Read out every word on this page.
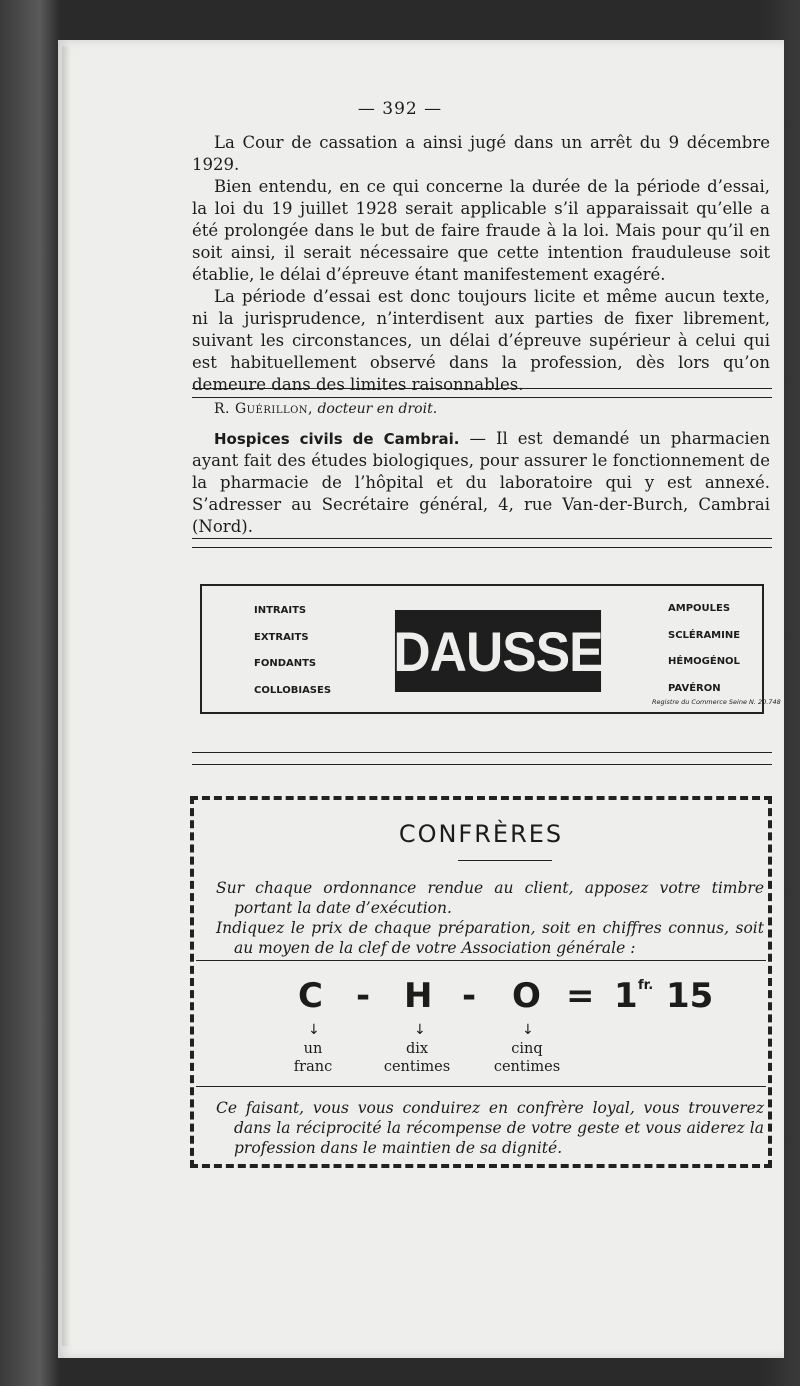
— 392 —

La Cour de cassation a ainsi jugé dans un arrêt du 9 décembre 1929.

Bien entendu, en ce qui concerne la durée de la période d’essai, la loi du 19 juillet 1928 serait applicable s’il apparaissait qu’elle a été prolongée dans le but de faire fraude à la loi. Mais pour qu’il en soit ainsi, il serait nécessaire que cette intention frauduleuse soit établie, le délai d’épreuve étant manifestement exagéré.

La période d’essai est donc toujours licite et même aucun texte, ni la jurisprudence, n’interdisent aux parties de fixer librement, suivant les circonstances, un délai d’épreuve supérieur à celui qui est habituellement observé dans la profession, dès lors qu’on demeure dans des limites raisonnables.

R. Guérillon, docteur en droit.

Hospices civils de Cambrai. — Il est demandé un pharmacien ayant fait des études biologiques, pour assurer le fonctionnement de la pharmacie de l’hôpital et du laboratoire qui y est annexé. S’adresser au Secrétaire général, 4, rue Van-der-Burch, Cambrai (Nord).

INTRAITS
EXTRAITS
FONDANTS
COLLOBIASES
DAUSSE
AMPOULES
SCLÉRAMINE
HÉMOGÉNOL
PAVÉRON
Registre du Commerce Seine N. 20.748
CONFRÈRES

Sur chaque ordonnance rendue au client, apposez votre timbre portant la date d’exécution.

Indiquez le prix de chaque préparation, soit en chiffres connus, soit au moyen de la clef de votre Association générale :

C - H - O = 1 fr. 15
↓	↓	↓
un
franc
dix
centimes
cinq
centimes

Ce faisant, vous vous conduirez en confrère loyal, vous trouverez dans la réciprocité la récompense de votre geste et vous aiderez la profession dans le maintien de sa dignité.
